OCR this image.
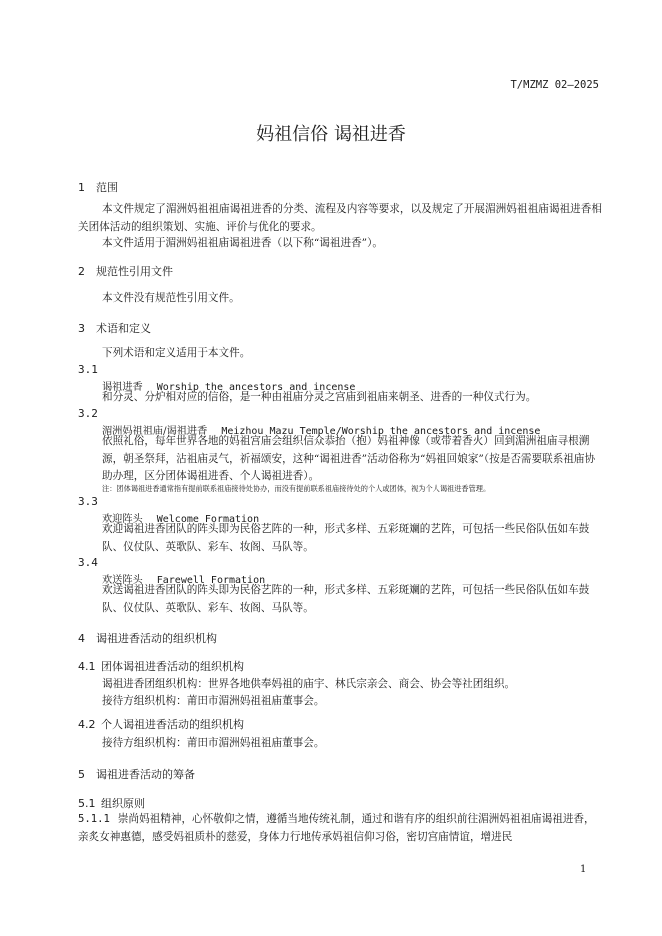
T/MZMZ 02—2025
妈祖信俗 谒祖进香
1 范围

本文件规定了湄洲妈祖祖庙谒祖进香的分类、流程及内容等要求，以及规定了开展湄洲妈祖祖庙谒祖进香相关团体活动的组织策划、实施、评价与优化的要求。

本文件适用于湄洲妈祖祖庙谒祖进香（以下称“谒祖进香”）。

2 规范性引用文件

本文件没有规范性引用文件。

3 术语和定义

下列术语和定义适用于本文件。

3.1
谒祖进香 Worship the ancestors and incense

和分灵、分炉相对应的信俗，是一种由祖庙分灵之宫庙到祖庙来朝圣、进香的一种仪式行为。

3.2
湄洲妈祖祖庙/谒祖进香 Meizhou Mazu Temple/Worship the ancestors and incense

依照礼俗，每年世界各地的妈祖宫庙会组织信众恭抬（抱）妈祖神像（或带着香火）回到湄洲祖庙寻根溯源，朝圣祭拜，沾祖庙灵气，祈福颂安，这种“谒祖进香”活动俗称为“妈祖回娘家”（按是否需要联系祖庙协助办理，区分团体谒祖进香、个人谒祖进香）。

注：团体谒祖进香通常指有提前联系祖庙接待处协办，而没有提前联系祖庙接待处的个人或团体，视为个人谒祖进香管理。
3.3
欢迎阵头 Welcome Formation

欢迎谒祖进香团队的阵头即为民俗艺阵的一种，形式多样、五彩斑斓的艺阵，可包括一些民俗队伍如车鼓队、仪仗队、英歌队、彩车、妆阁、马队等。

3.4
欢送阵头 Farewell Formation

欢送谒祖进香团队的阵头即为民俗艺阵的一种，形式多样、五彩斑斓的艺阵，可包括一些民俗队伍如车鼓队、仪仗队、英歌队、彩车、妆阁、马队等。

4 谒祖进香活动的组织机构
4.1 团体谒祖进香活动的组织机构

谒祖进香团组织机构：世界各地供奉妈祖的庙宇、林氏宗亲会、商会、协会等社团组织。

接待方组织机构：莆田市湄洲妈祖祖庙董事会。

4.2 个人谒祖进香活动的组织机构

接待方组织机构：莆田市湄洲妈祖祖庙董事会。

5 谒祖进香活动的筹备
5.1 组织原则

5.1.1 崇尚妈祖精神，心怀敬仰之情，遵循当地传统礼制，通过和谐有序的组织前往湄洲妈祖祖庙谒祖进香，亲炙女神惠德，感受妈祖质朴的慈爱，身体力行地传承妈祖信仰习俗，密切宫庙情谊，增进民

1
